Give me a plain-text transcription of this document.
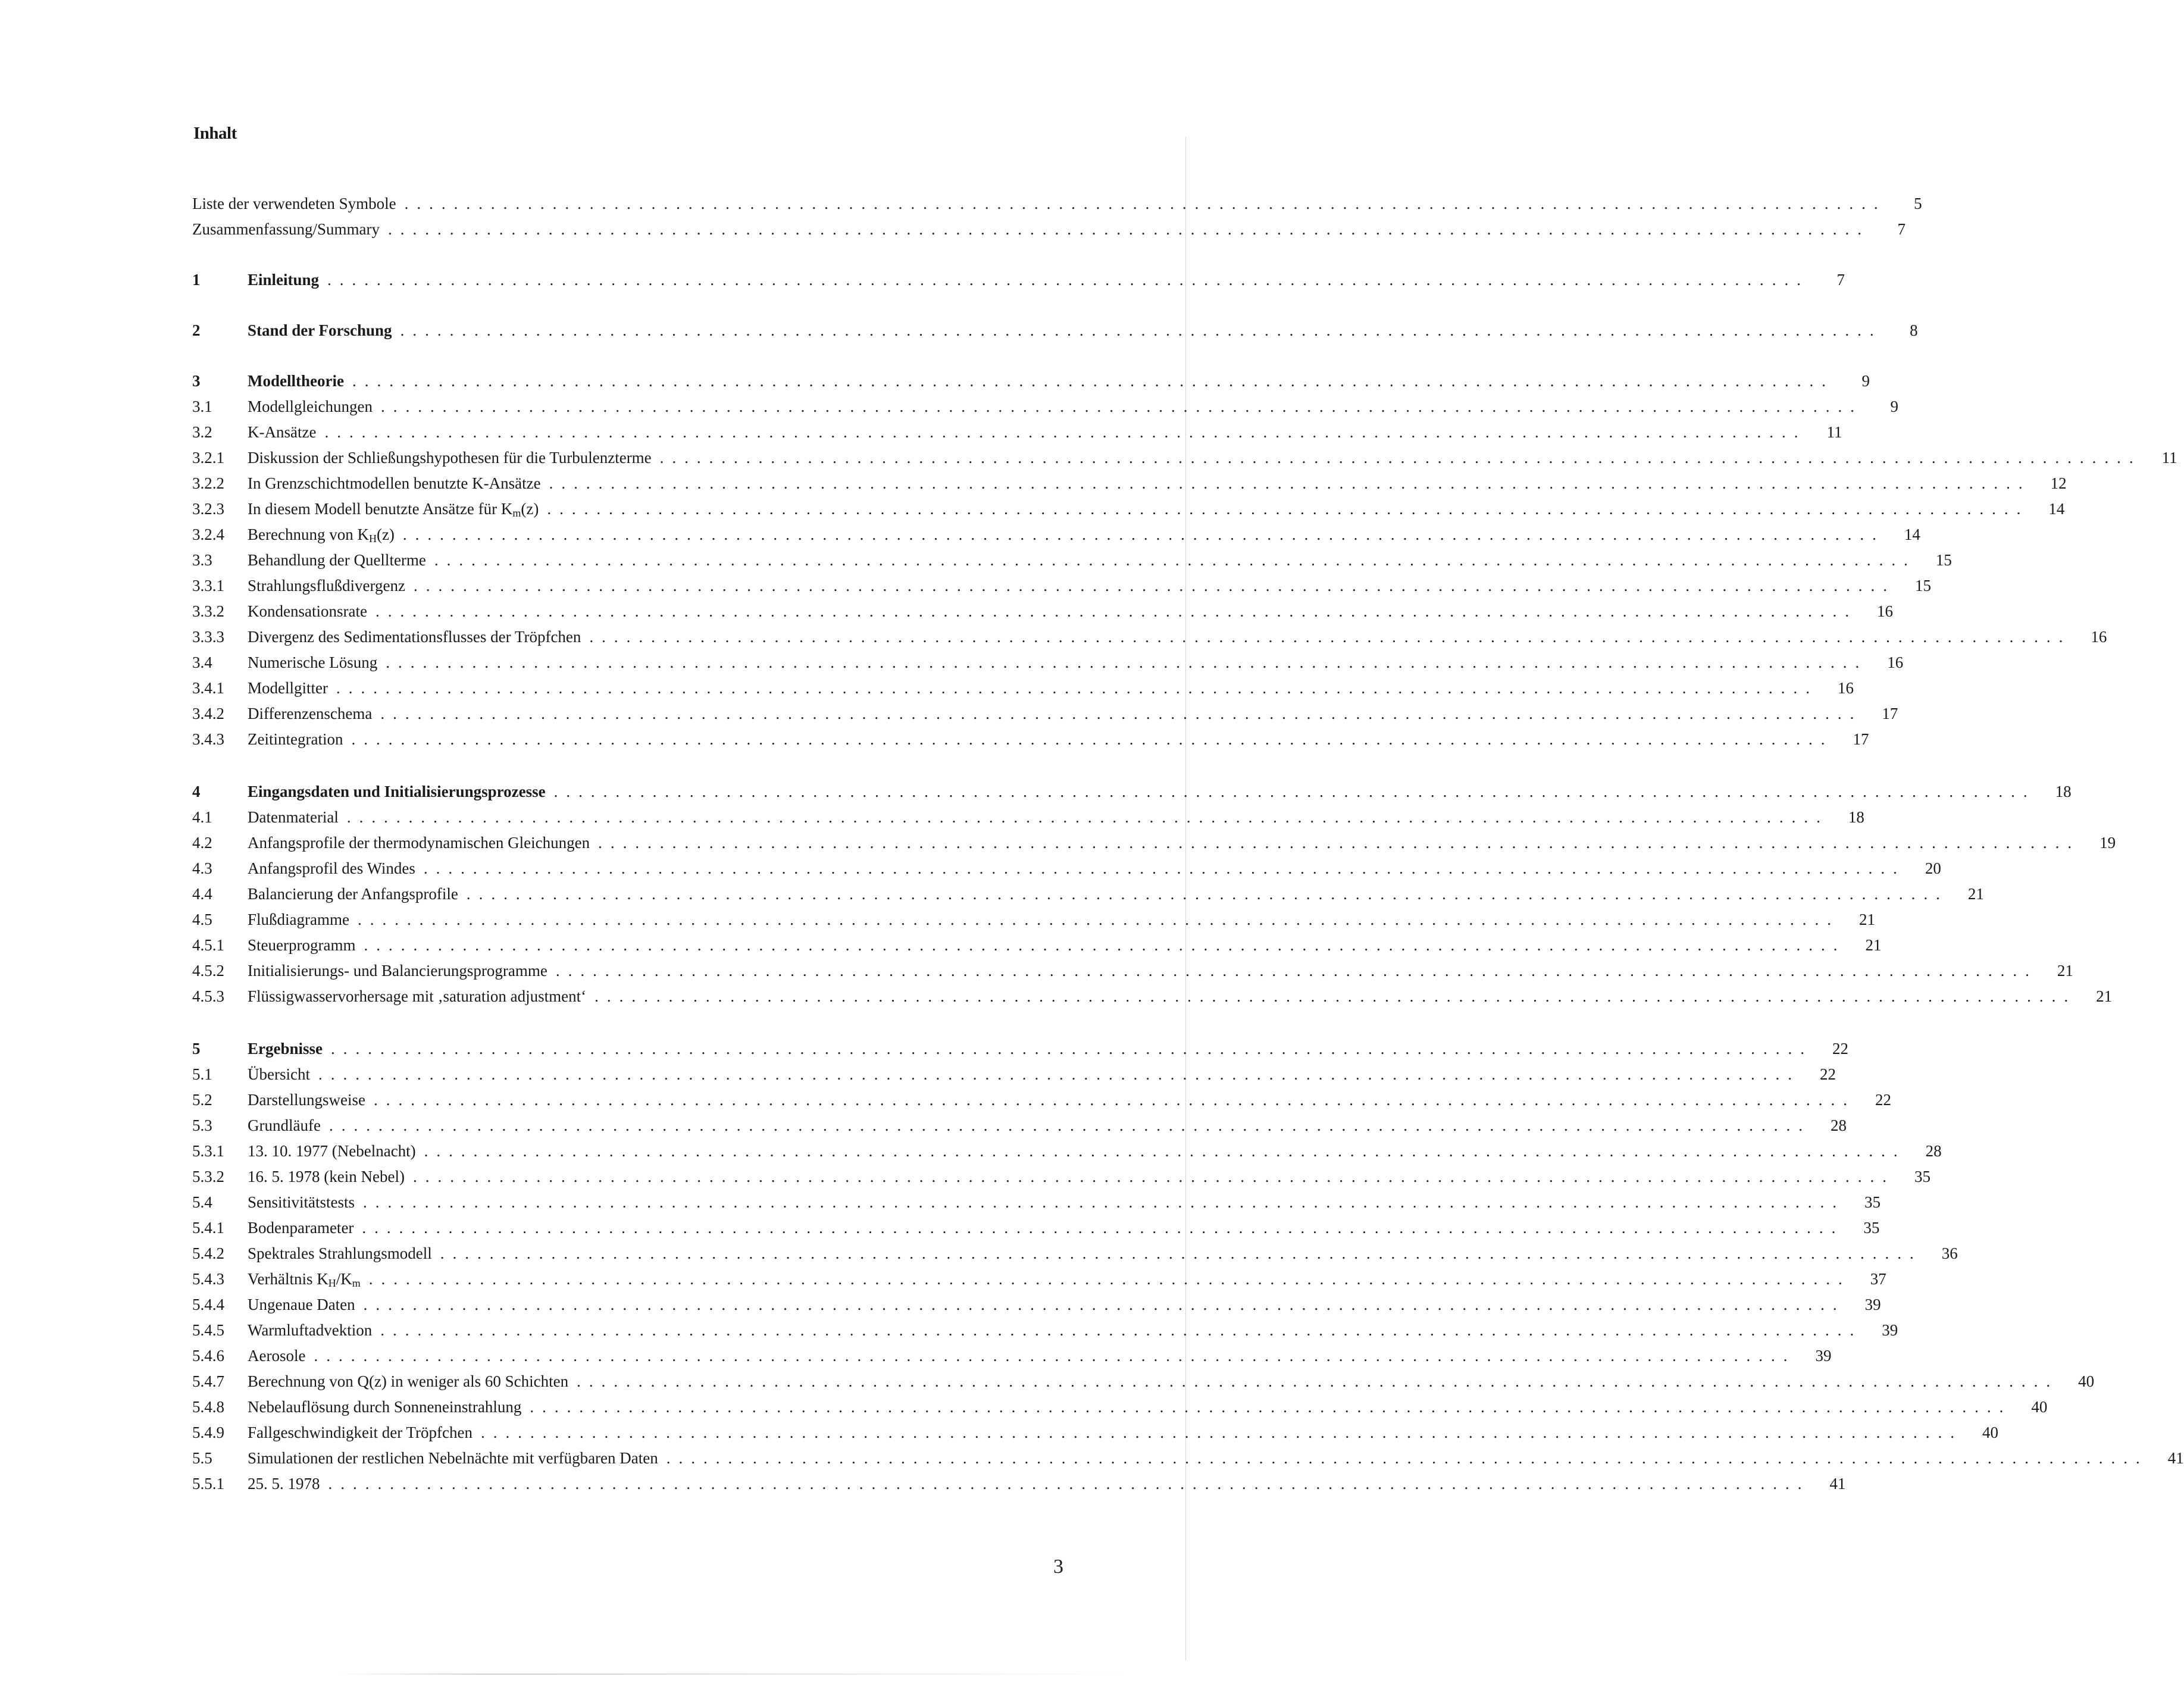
Inhalt
Liste der verwendeten Symbole ........................................................................................................................	5
Zusammenfassung/Summary ........................................................................................................................	7
1	Einleitung ........................................................................................................................	7
2	Stand der Forschung ........................................................................................................................	8
3	Modelltheorie ........................................................................................................................	9
3.1	Modellgleichungen ........................................................................................................................	9
3.2	K-Ansätze ........................................................................................................................	11
3.2.1	Diskussion der Schließungshypothesen für die Turbulenzterme ........................................................................................................................	11
3.2.2	In Grenzschichtmodellen benutzte K-Ansätze ........................................................................................................................	12
3.2.3	In diesem Modell benutzte Ansätze für $K_m(z)$ ........................................................................................................................	14
3.2.4	Berechnung von $K_H(z)$ ........................................................................................................................	14
3.3	Behandlung der Quellterme ........................................................................................................................	15
3.3.1	Strahlungsflußdivergenz ........................................................................................................................	15
3.3.2	Kondensationsrate ........................................................................................................................	16
3.3.3	Divergenz des Sedimentationsflusses der Tröpfchen ........................................................................................................................	16
3.4	Numerische Lösung ........................................................................................................................	16
3.4.1	Modellgitter ........................................................................................................................	16
3.4.2	Differenzenschema ........................................................................................................................	17
3.4.3	Zeitintegration ........................................................................................................................	17
4	Eingangsdaten und Initialisierungsprozesse ........................................................................................................................	18
4.1	Datenmaterial ........................................................................................................................	18
4.2	Anfangsprofile der thermodynamischen Gleichungen ........................................................................................................................	19
4.3	Anfangsprofil des Windes ........................................................................................................................	20
4.4	Balancierung der Anfangsprofile ........................................................................................................................	21
4.5	Flußdiagramme ........................................................................................................................	21
4.5.1	Steuerprogramm ........................................................................................................................	21
4.5.2	Initialisierungs- und Balancierungsprogramme ........................................................................................................................	21
4.5.3	Flüssigwasservorhersage mit ‚saturation adjustment‘ ........................................................................................................................	21
5	Ergebnisse ........................................................................................................................	22
5.1	Übersicht ........................................................................................................................	22
5.2	Darstellungsweise ........................................................................................................................	22
5.3	Grundläufe ........................................................................................................................	28
5.3.1	13. 10. 1977 (Nebelnacht) ........................................................................................................................	28
5.3.2	16. 5. 1978 (kein Nebel) ........................................................................................................................	35
5.4	Sensitivitätstests ........................................................................................................................	35
5.4.1	Bodenparameter ........................................................................................................................	35
5.4.2	Spektrales Strahlungsmodell ........................................................................................................................	36
5.4.3	Verhältnis $K_H/K_m$ ........................................................................................................................	37
5.4.4	Ungenaue Daten ........................................................................................................................	39
5.4.5	Warmluftadvektion ........................................................................................................................	39
5.4.6	Aerosole ........................................................................................................................	39
5.4.7	Berechnung von Q(z) in weniger als 60 Schichten ........................................................................................................................	40
5.4.8	Nebelauflösung durch Sonneneinstrahlung ........................................................................................................................	40
5.4.9	Fallgeschwindigkeit der Tröpfchen ........................................................................................................................	40
5.5	Simulationen der restlichen Nebelnächte mit verfügbaren Daten ........................................................................................................................	41
5.5.1	25. 5. 1978 ........................................................................................................................	41
3
